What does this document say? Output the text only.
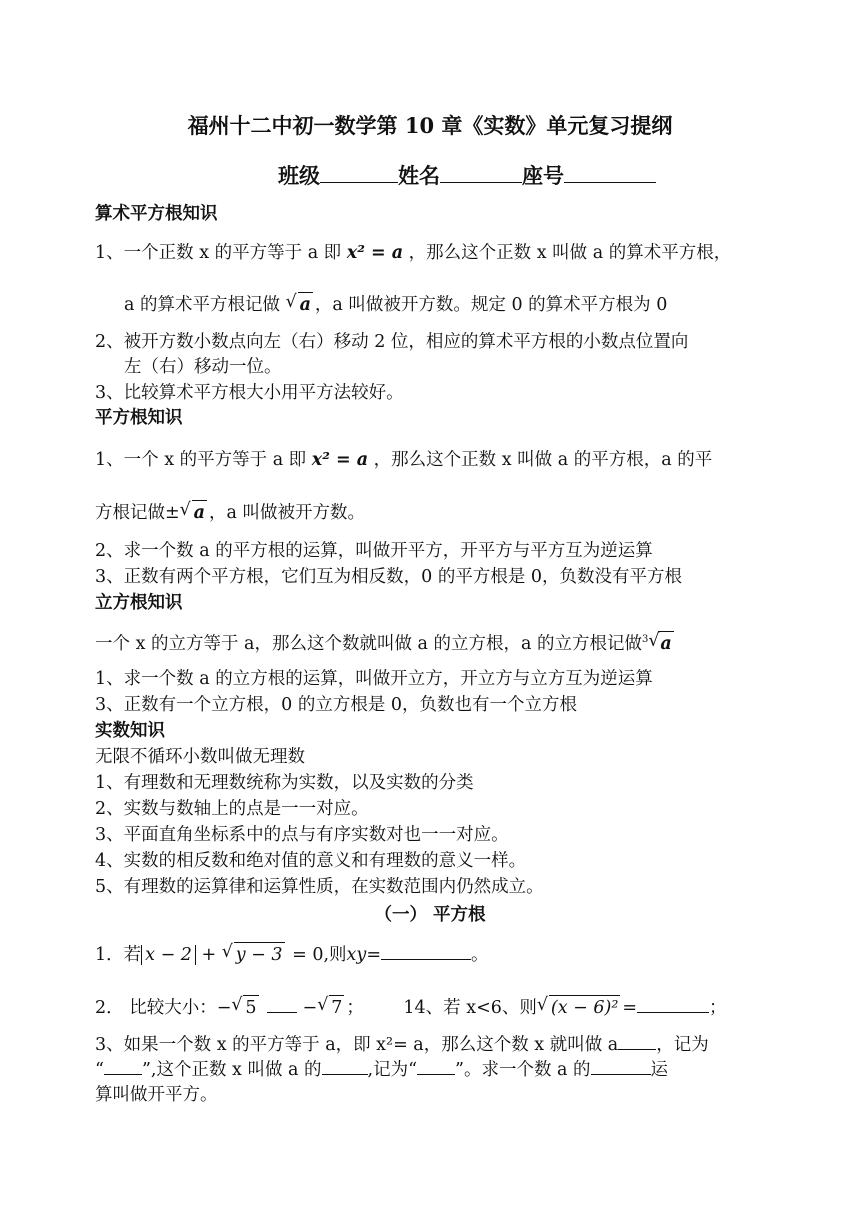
福州十二中初一数学第 10 章《实数》单元复习提纲
班级	姓名	座号
算术平方根知识
1、一个正数 x 的平方等于 a 即 x² = a ，那么这个正数 x 叫做 a 的算术平方根，
a 的算术平方根记做 √ a ，a 叫做被开方数。规定 0 的算术平方根为 0
2、被开方数小数点向左（右）移动 2 位，相应的算术平方根的小数点位置向
左（右）移动一位。
3、比较算术平方根大小用平方法较好。
平方根知识
1、一个 x 的平方等于 a 即 x² = a ，那么这个正数 x 叫做 a 的平方根，a 的平
方根记做± √ a ，a 叫做被开方数。
2、求一个数 a 的平方根的运算，叫做开平方，开平方与平方互为逆运算
3、正数有两个平方根，它们互为相反数，0 的平方根是 0，负数没有平方根
立方根知识
一个 x 的立方等于 a，那么这个数就叫做 a 的立方根，a 的立方根记做$^3$ √ a
1、求一个数 a 的立方根的运算，叫做开立方，开立方与立方互为逆运算
3、正数有一个立方根，0 的立方根是 0，负数也有一个立方根
实数知识
无限不循环小数叫做无理数
1、有理数和无理数统称为实数，以及实数的分类
2、实数与数轴上的点是一一对应。
3、平面直角坐标系中的点与有序实数对也一一对应。
4、实数的相反数和绝对值的意义和有理数的意义一样。
5、有理数的运算律和运算性质，在实数范围内仍然成立。
（一） 平方根
1．若 x − 2 + √ y − 3 = 0,则xy=	。
2． 比较大小：− √ 5	− √ 7 ； 14、若 x<6、则 √ (x − 6)² =	；
3、如果一个数 x 的平方等于 a，即 x²= a，那么这个数 x 就叫做 a ，记为
“ ”,这个正数 x 叫做 a 的	,记为“ ”。求一个数 a 的	运
算叫做开平方。
